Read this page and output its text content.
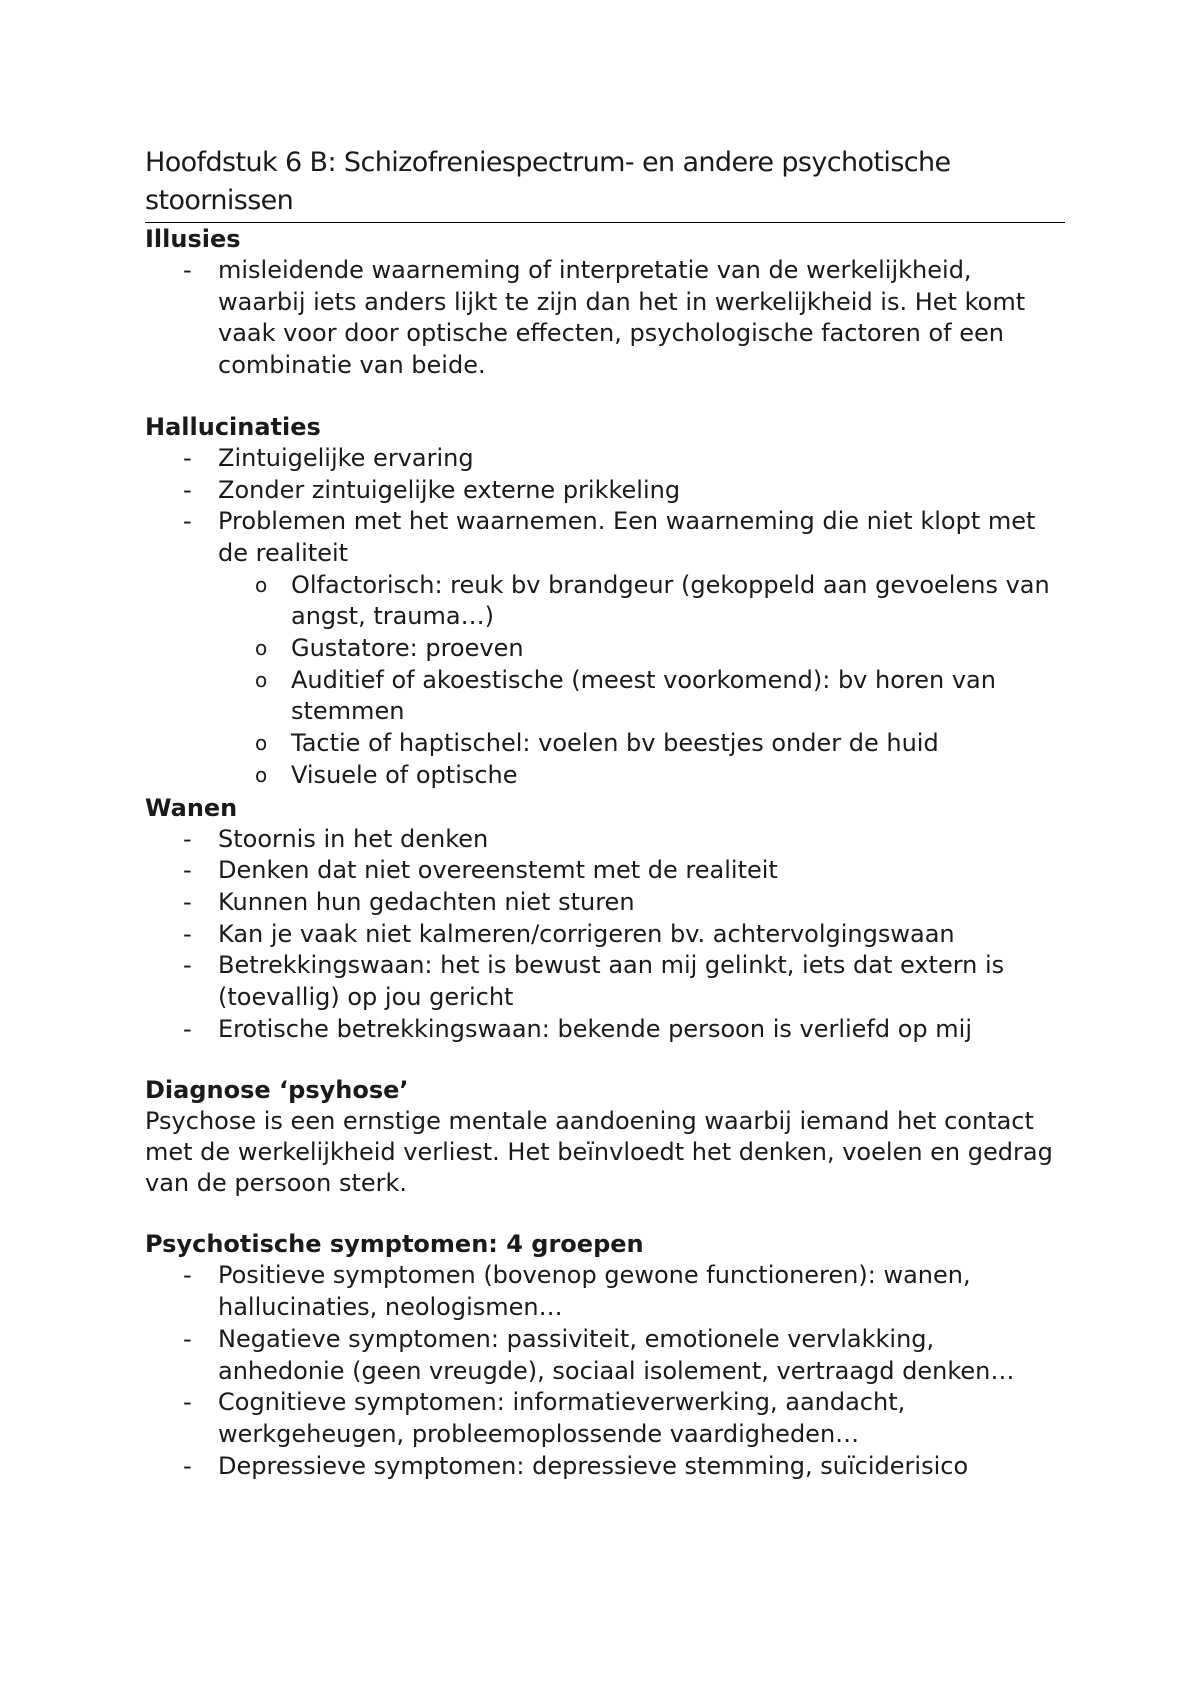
Hoofdstuk 6 B: Schizofreniespectrum- en andere psychotische stoornissen
Illusies
- misleidende waarneming of interpretatie van de werkelijkheid, waarbij iets anders lijkt te zijn dan het in werkelijkheid is. Het komt vaak voor door optische effecten, psychologische factoren of een combinatie van beide.
Hallucinaties
- Zintuigelijke ervaring
- Zonder zintuigelijke externe prikkeling
- Problemen met het waarnemen. Een waarneming die niet klopt met de realiteit
o Olfactorisch: reuk bv brandgeur (gekoppeld aan gevoelens van angst, trauma…)
o Gustatore: proeven
o Auditief of akoestische (meest voorkomend): bv horen van stemmen
o Tactie of haptischel: voelen bv beestjes onder de huid
o Visuele of optische
Wanen
- Stoornis in het denken
- Denken dat niet overeenstemt met de realiteit
- Kunnen hun gedachten niet sturen
- Kan je vaak niet kalmeren/corrigeren bv. achtervolgingswaan
- Betrekkingswaan: het is bewust aan mij gelinkt, iets dat extern is (toevallig) op jou gericht
- Erotische betrekkingswaan: bekende persoon is verliefd op mij
Diagnose ‘psyhose’

Psychose is een ernstige mentale aandoening waarbij iemand het contact met de werkelijkheid verliest. Het beïnvloedt het denken, voelen en gedrag van de persoon sterk.

Psychotische symptomen: 4 groepen
- Positieve symptomen (bovenop gewone functioneren): wanen, hallucinaties, neologismen…
- Negatieve symptomen: passiviteit, emotionele vervlakking, anhedonie (geen vreugde), sociaal isolement, vertraagd denken…
- Cognitieve symptomen: informatieverwerking, aandacht, werkgeheugen, probleemoplossende vaardigheden…
- Depressieve symptomen: depressieve stemming, suïciderisico
